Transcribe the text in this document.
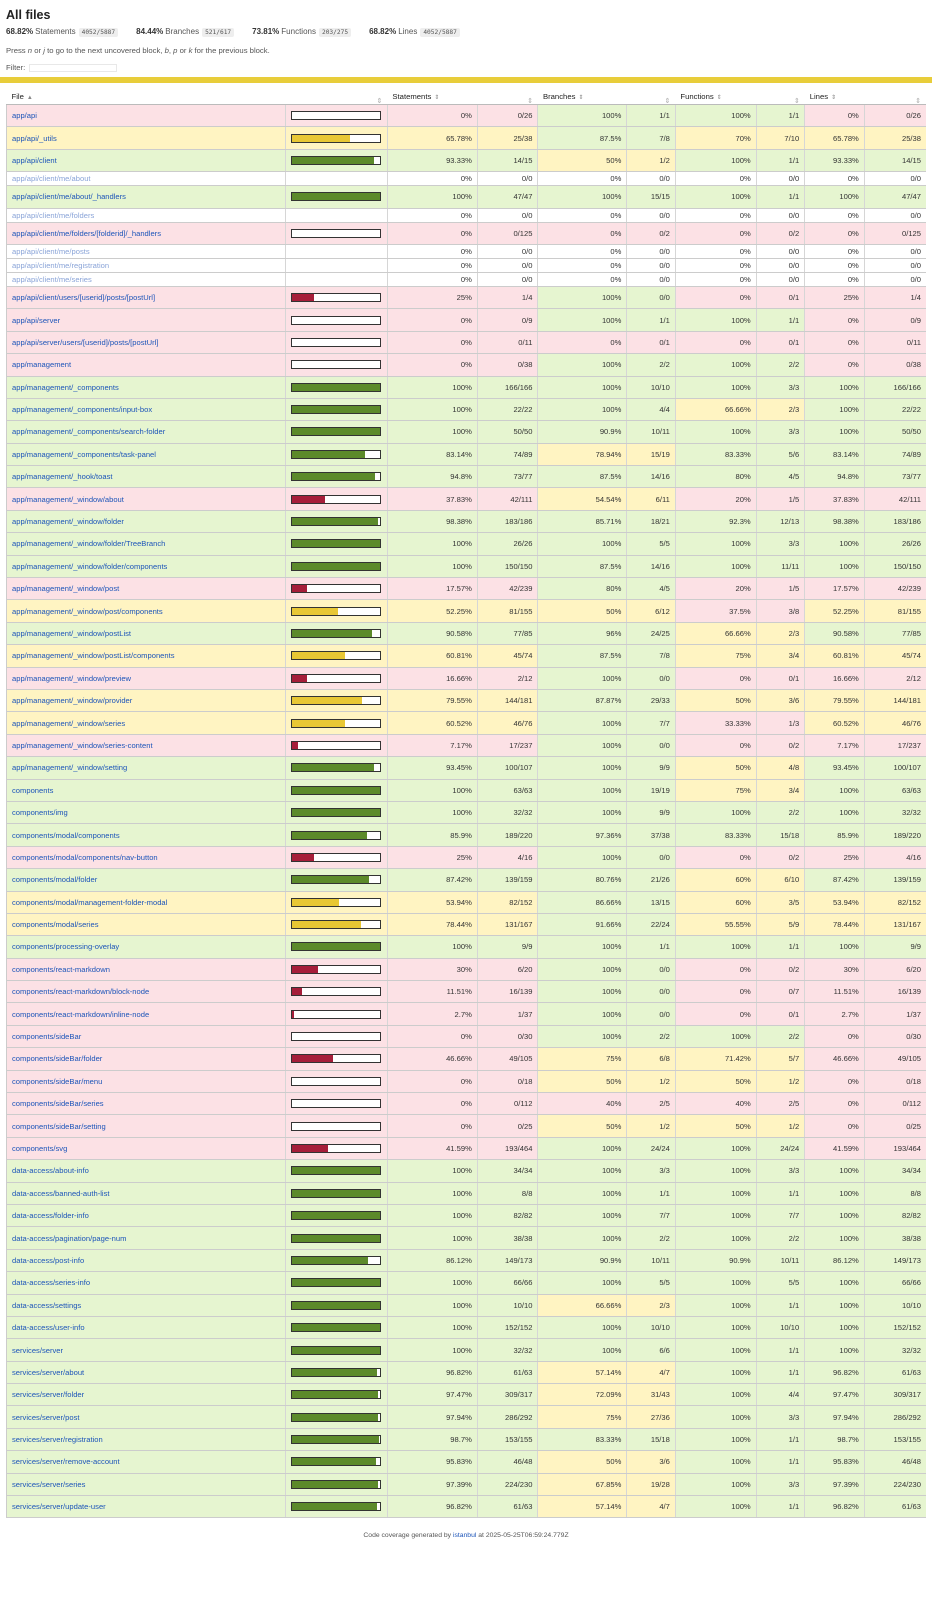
All files
68.82% Statements 4052/5887	84.44% Branches 521/617	73.81% Functions 203/275	68.82% Lines 4052/5887

Press n or j to go to the next uncovered block, b, p or k for the previous block.

Filter:
File ▲	⇕	Statements ⇕	⇕	Branches ⇕	⇕	Functions ⇕	⇕	Lines ⇕	⇕

app/api		0%	0/26	100%	1/1	100%	1/1	0%	0/26
app/api/_utils		65.78%	25/38	87.5%	7/8	70%	7/10	65.78%	25/38
app/api/client		93.33%	14/15	50%	1/2	100%	1/1	93.33%	14/15
app/api/client/me/about		0%	0/0	0%	0/0	0%	0/0	0%	0/0
app/api/client/me/about/_handlers		100%	47/47	100%	15/15	100%	1/1	100%	47/47
app/api/client/me/folders		0%	0/0	0%	0/0	0%	0/0	0%	0/0
app/api/client/me/folders/[folderid]/_handlers		0%	0/125	0%	0/2	0%	0/2	0%	0/125
app/api/client/me/posts		0%	0/0	0%	0/0	0%	0/0	0%	0/0
app/api/client/me/registration		0%	0/0	0%	0/0	0%	0/0	0%	0/0
app/api/client/me/series		0%	0/0	0%	0/0	0%	0/0	0%	0/0
app/api/client/users/[userid]/posts/[postUrl]		25%	1/4	100%	0/0	0%	0/1	25%	1/4
app/api/server		0%	0/9	100%	1/1	100%	1/1	0%	0/9
app/api/server/users/[userid]/posts/[postUrl]		0%	0/11	0%	0/1	0%	0/1	0%	0/11
app/management		0%	0/38	100%	2/2	100%	2/2	0%	0/38
app/management/_components		100%	166/166	100%	10/10	100%	3/3	100%	166/166
app/management/_components/input-box		100%	22/22	100%	4/4	66.66%	2/3	100%	22/22
app/management/_components/search-folder		100%	50/50	90.9%	10/11	100%	3/3	100%	50/50
app/management/_components/task-panel		83.14%	74/89	78.94%	15/19	83.33%	5/6	83.14%	74/89
app/management/_hook/toast		94.8%	73/77	87.5%	14/16	80%	4/5	94.8%	73/77
app/management/_window/about		37.83%	42/111	54.54%	6/11	20%	1/5	37.83%	42/111
app/management/_window/folder		98.38%	183/186	85.71%	18/21	92.3%	12/13	98.38%	183/186
app/management/_window/folder/TreeBranch		100%	26/26	100%	5/5	100%	3/3	100%	26/26
app/management/_window/folder/components		100%	150/150	87.5%	14/16	100%	11/11	100%	150/150
app/management/_window/post		17.57%	42/239	80%	4/5	20%	1/5	17.57%	42/239
app/management/_window/post/components		52.25%	81/155	50%	6/12	37.5%	3/8	52.25%	81/155
app/management/_window/postList		90.58%	77/85	96%	24/25	66.66%	2/3	90.58%	77/85
app/management/_window/postList/components		60.81%	45/74	87.5%	7/8	75%	3/4	60.81%	45/74
app/management/_window/preview		16.66%	2/12	100%	0/0	0%	0/1	16.66%	2/12
app/management/_window/provider		79.55%	144/181	87.87%	29/33	50%	3/6	79.55%	144/181
app/management/_window/series		60.52%	46/76	100%	7/7	33.33%	1/3	60.52%	46/76
app/management/_window/series-content		7.17%	17/237	100%	0/0	0%	0/2	7.17%	17/237
app/management/_window/setting		93.45%	100/107	100%	9/9	50%	4/8	93.45%	100/107
components		100%	63/63	100%	19/19	75%	3/4	100%	63/63
components/img		100%	32/32	100%	9/9	100%	2/2	100%	32/32
components/modal/components		85.9%	189/220	97.36%	37/38	83.33%	15/18	85.9%	189/220
components/modal/components/nav-button		25%	4/16	100%	0/0	0%	0/2	25%	4/16
components/modal/folder		87.42%	139/159	80.76%	21/26	60%	6/10	87.42%	139/159
components/modal/management-folder-modal		53.94%	82/152	86.66%	13/15	60%	3/5	53.94%	82/152
components/modal/series		78.44%	131/167	91.66%	22/24	55.55%	5/9	78.44%	131/167
components/processing-overlay		100%	9/9	100%	1/1	100%	1/1	100%	9/9
components/react-markdown		30%	6/20	100%	0/0	0%	0/2	30%	6/20
components/react-markdown/block-node		11.51%	16/139	100%	0/0	0%	0/7	11.51%	16/139
components/react-markdown/inline-node		2.7%	1/37	100%	0/0	0%	0/1	2.7%	1/37
components/sideBar		0%	0/30	100%	2/2	100%	2/2	0%	0/30
components/sideBar/folder		46.66%	49/105	75%	6/8	71.42%	5/7	46.66%	49/105
components/sideBar/menu		0%	0/18	50%	1/2	50%	1/2	0%	0/18
components/sideBar/series		0%	0/112	40%	2/5	40%	2/5	0%	0/112
components/sideBar/setting		0%	0/25	50%	1/2	50%	1/2	0%	0/25
components/svg		41.59%	193/464	100%	24/24	100%	24/24	41.59%	193/464
data-access/about-info		100%	34/34	100%	3/3	100%	3/3	100%	34/34
data-access/banned-auth-list		100%	8/8	100%	1/1	100%	1/1	100%	8/8
data-access/folder-info		100%	82/82	100%	7/7	100%	7/7	100%	82/82
data-access/pagination/page-num		100%	38/38	100%	2/2	100%	2/2	100%	38/38
data-access/post-info		86.12%	149/173	90.9%	10/11	90.9%	10/11	86.12%	149/173
data-access/series-info		100%	66/66	100%	5/5	100%	5/5	100%	66/66
data-access/settings		100%	10/10	66.66%	2/3	100%	1/1	100%	10/10
data-access/user-info		100%	152/152	100%	10/10	100%	10/10	100%	152/152
services/server		100%	32/32	100%	6/6	100%	1/1	100%	32/32
services/server/about		96.82%	61/63	57.14%	4/7	100%	1/1	96.82%	61/63
services/server/folder		97.47%	309/317	72.09%	31/43	100%	4/4	97.47%	309/317
services/server/post		97.94%	286/292	75%	27/36	100%	3/3	97.94%	286/292
services/server/registration		98.7%	153/155	83.33%	15/18	100%	1/1	98.7%	153/155
services/server/remove-account		95.83%	46/48	50%	3/6	100%	1/1	95.83%	46/48
services/server/series		97.39%	224/230	67.85%	19/28	100%	3/3	97.39%	224/230
services/server/update-user		96.82%	61/63	57.14%	4/7	100%	1/1	96.82%	61/63
Code coverage generated by istanbul at 2025-05-25T06:59:24.779Z
